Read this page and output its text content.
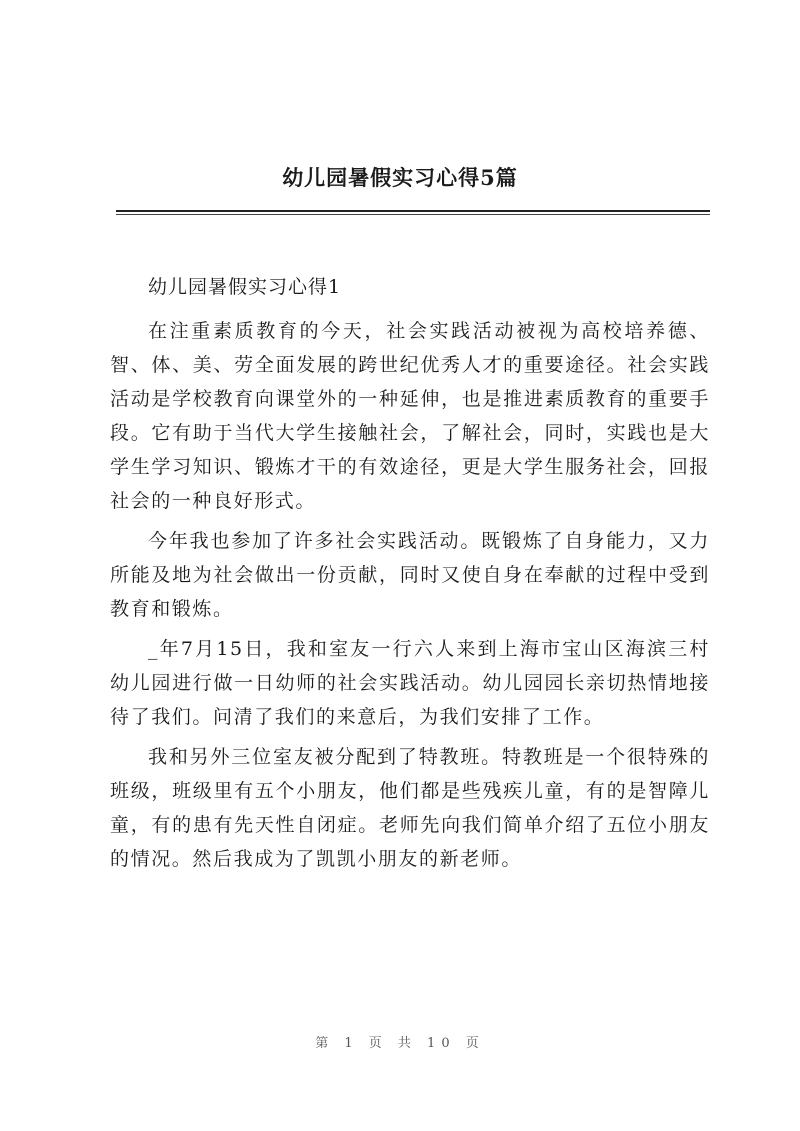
幼儿园暑假实习心得5篇
幼儿园暑假实习心得1

在注重素质教育的今天，社会实践活动被视为高校培养德、智、体、美、劳全面发展的跨世纪优秀人才的重要途径。社会实践活动是学校教育向课堂外的一种延伸，也是推进素质教育的重要手段。它有助于当代大学生接触社会，了解社会，同时，实践也是大学生学习知识、锻炼才干的有效途径，更是大学生服务社会，回报社会的一种良好形式。

今年我也参加了许多社会实践活动。既锻炼了自身能力，又力所能及地为社会做出一份贡献，同时又使自身在奉献的过程中受到教育和锻炼。

_年7月15日，我和室友一行六人来到上海市宝山区海滨三村幼儿园进行做一日幼师的社会实践活动。幼儿园园长亲切热情地接待了我们。问清了我们的来意后，为我们安排了工作。

我和另外三位室友被分配到了特教班。特教班是一个很特殊的班级，班级里有五个小朋友，他们都是些残疾儿童，有的是智障儿童，有的患有先天性自闭症。老师先向我们简单介绍了五位小朋友的情况。然后我成为了凯凯小朋友的新老师。

第 1 页 共 10 页
